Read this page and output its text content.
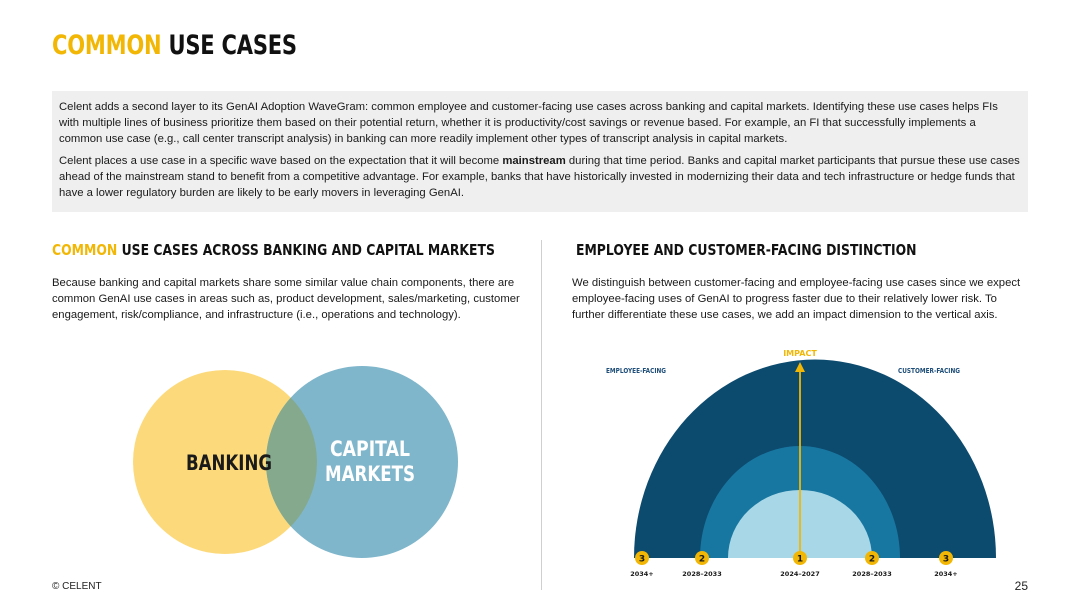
COMMON USE CASES

Celent adds a second layer to its GenAI Adoption WaveGram: common employee and customer-facing use cases across banking and capital markets. Identifying these use cases helps FIs with multiple lines of business prioritize them based on their potential return, whether it is productivity/cost savings or revenue based. For example, an FI that successfully implements a common use case (e.g., call center transcript analysis) in banking can more readily implement other types of transcript analysis in capital markets.

Celent places a use case in a specific wave based on the expectation that it will become mainstream during that time period. Banks and capital market participants that pursue these use cases ahead of the mainstream stand to benefit from a competitive advantage. For example, banks that have historically invested in modernizing their data and tech infrastructure or hedge funds that have a lower regulatory burden are likely to be early movers in leveraging GenAI.

COMMON USE CASES ACROSS BANKING AND CAPITAL MARKETS	EMPLOYEE AND CUSTOMER-FACING DISTINCTION
Because banking and capital markets share some similar value chain components, there are common GenAI use cases in areas such as, product development, sales/marketing, customer engagement, risk/compliance, and infrastructure (i.e., operations and technology).
We distinguish between customer-facing and employee-facing use cases since we expect employee-facing uses of GenAI to progress faster due to their relatively lower risk. To further differentiate these use cases, we add an impact dimension to the vertical axis.
BANKING
CAPITAL
MARKETS
IMPACT
EMPLOYEE-FACING	CUSTOMER-FACING
3
2034+
2
2028–2033
1
2024–2027
2
2028–2033
3
2034+
© CELENT	25
